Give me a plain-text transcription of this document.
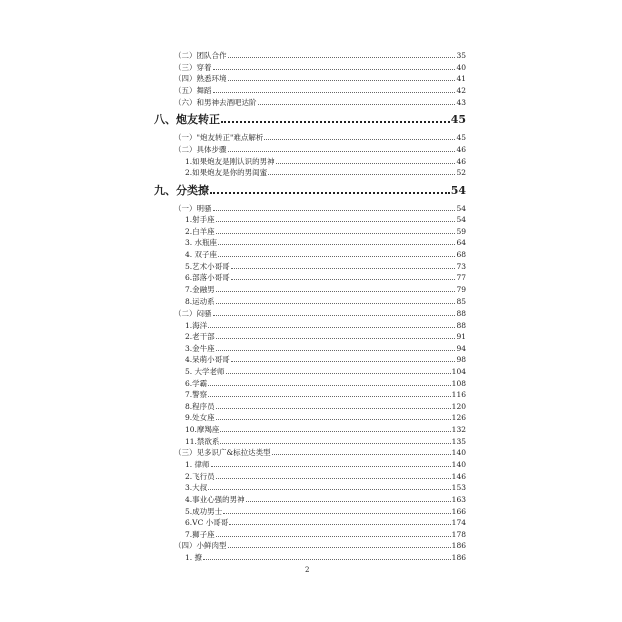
（二）团队合作	35
（三）穿着	40
（四）熟悉环境	41
（五）舞蹈	42
（六）和男神去酒吧达阶	43
八、炮友转正	45
（一）"炮友转正"难点解析	45
（二）具体步骤	46
1.如果炮友是刚认识的男神	46
2.如果炮友是你的男闺蜜	52
九、分类撩	54
（一）明骚	54
1.射手座	54
2.白羊座	59
3. 水瓶座	64
4. 双子座	68
5.艺术小哥哥	73
6.部落小哥哥	77
7.金融男	79
8.运动系	85
（二）闷骚	88
1.海洋	88
2.老干部	91
3.金牛座	94
4.呆萌小哥哥	98
5. 大学老师	104
6.学霸	108
7.警察	116
8.程序员	120
9.处女座	126
10.摩羯座	132
11.禁欲系	135
（三）见多识广&标拉达类型	140
1. 律师	140
2.飞行员	146
3.大叔	153
4.事业心强的男神	163
5.成功男士	166
6.VC 小哥哥	174
7.狮子座	178
（四）小鲜肉型	186
1. 撩	186
2
